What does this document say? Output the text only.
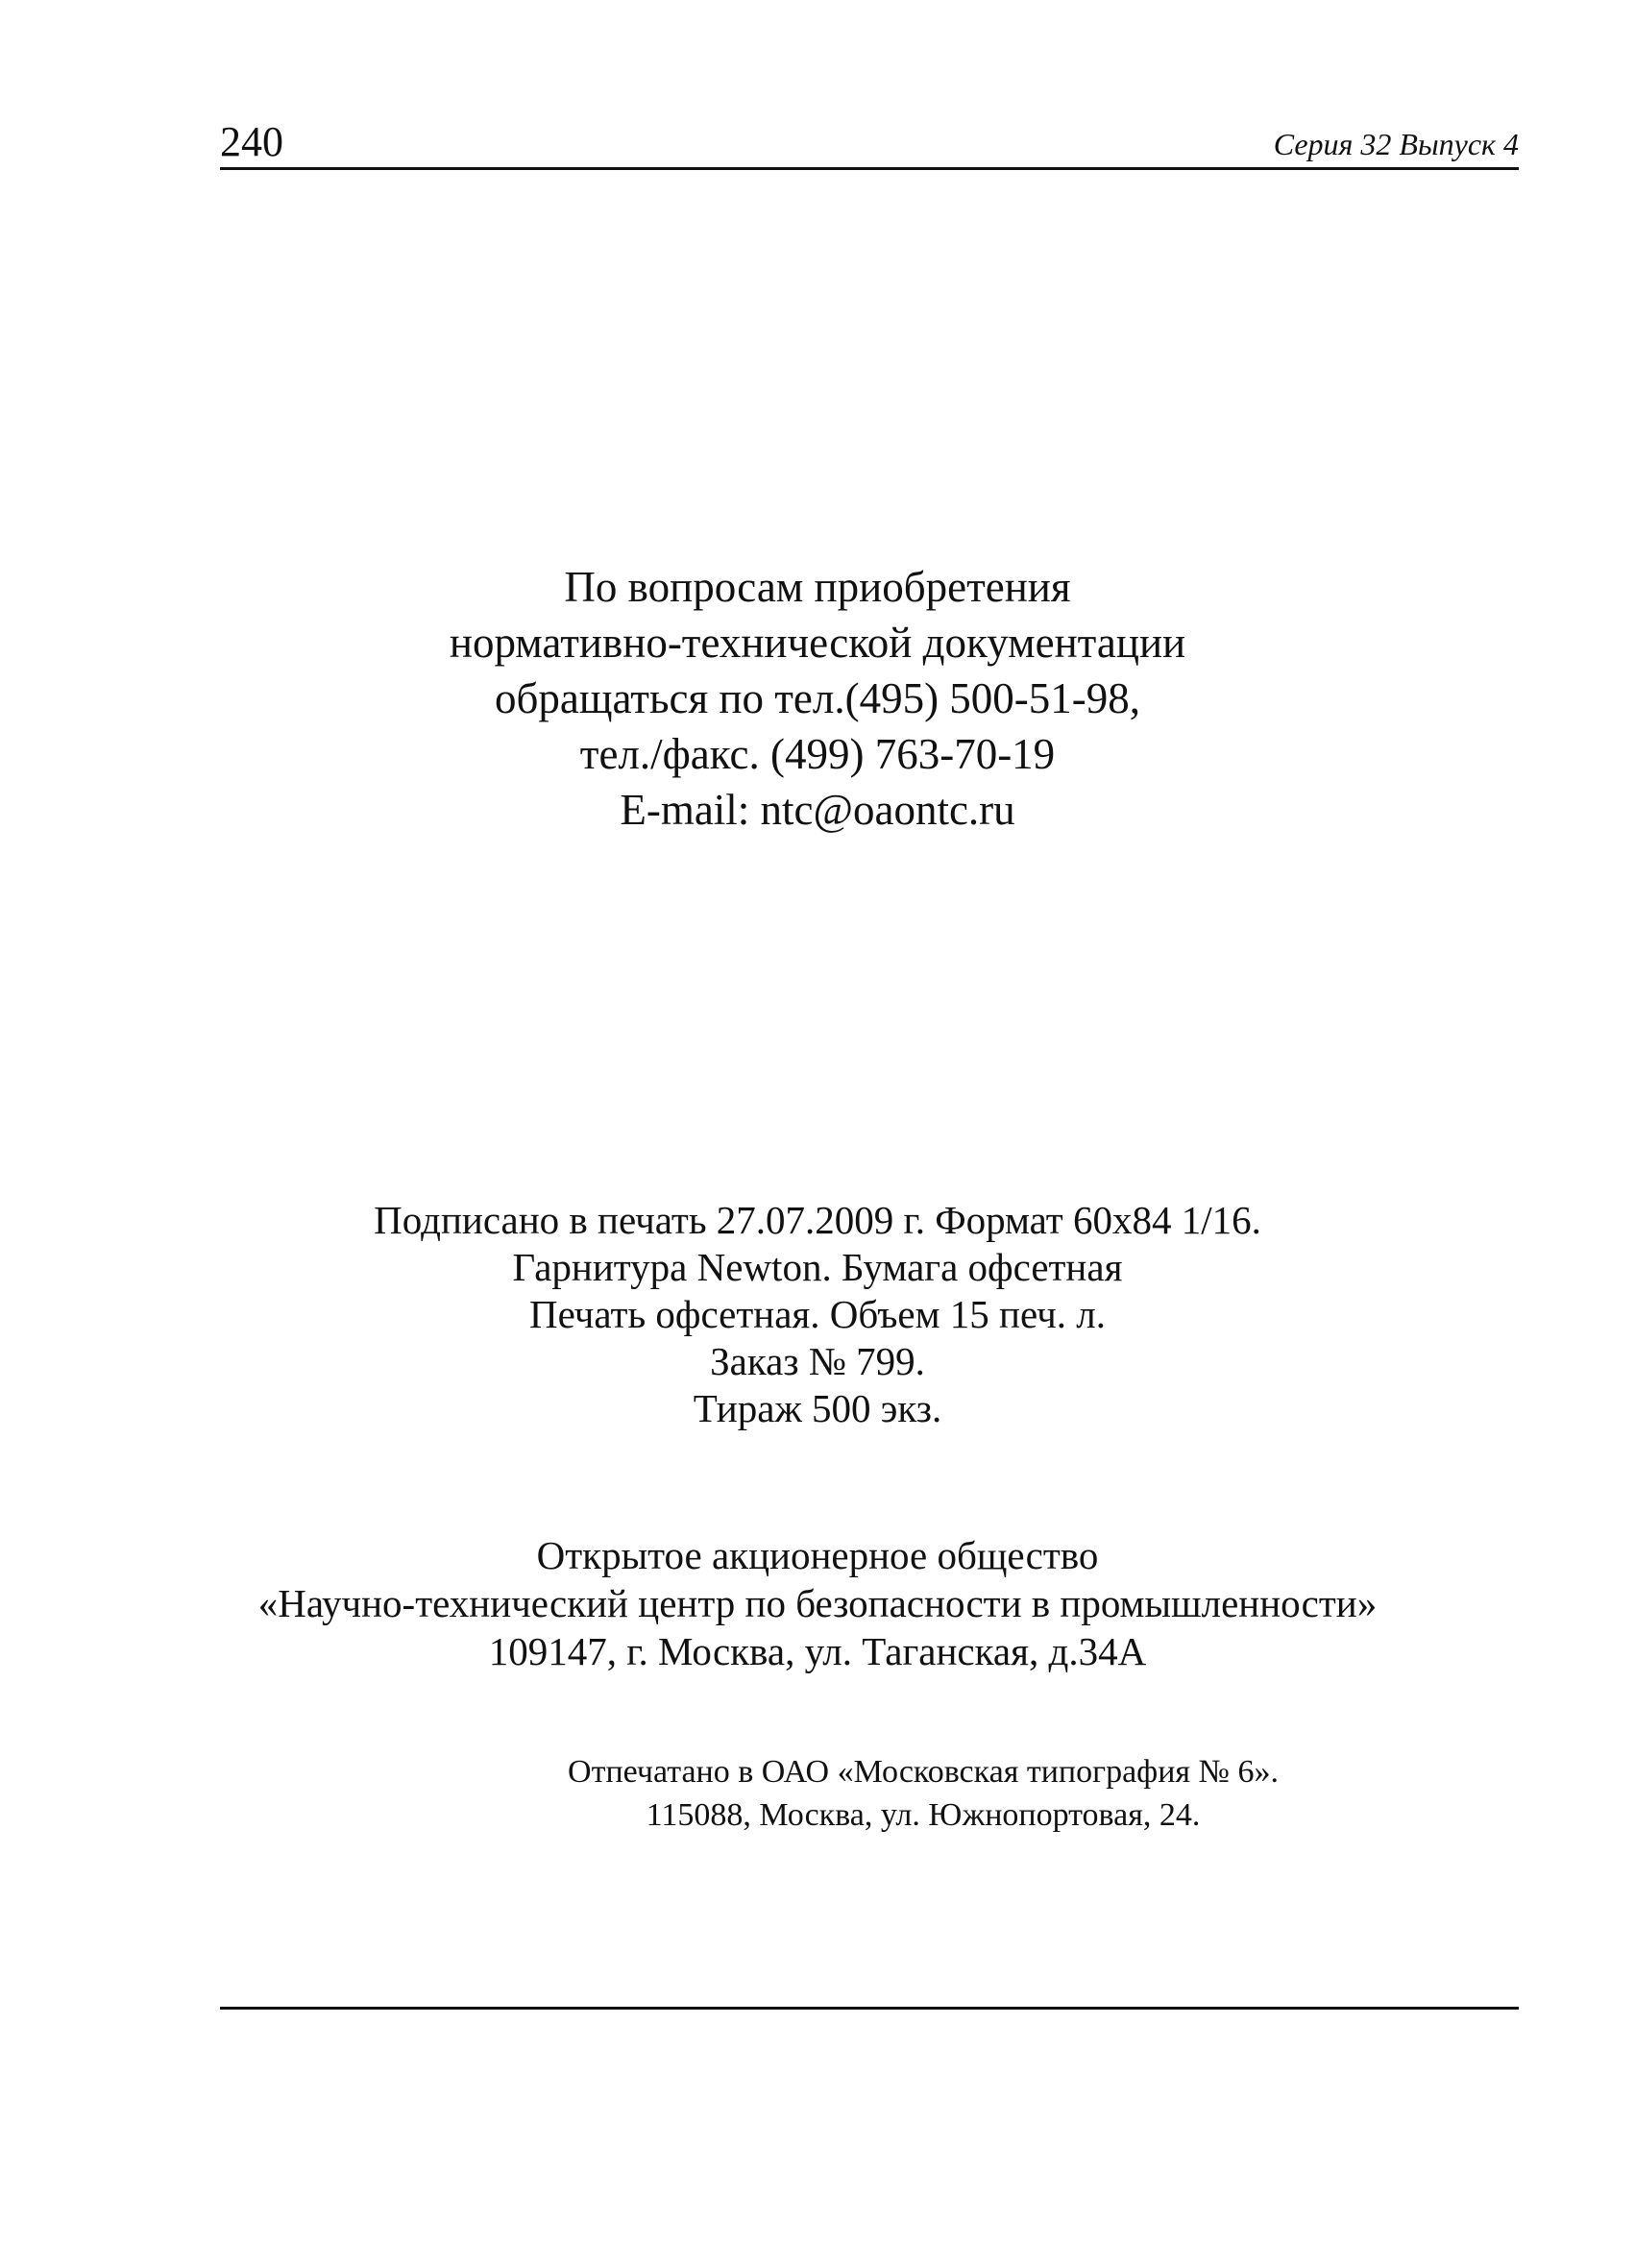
240	Серия 32 Выпуск 4
По вопросам приобретения
нормативно-технической документации
обращаться по тел.(495) 500-51-98,
тел./факс. (499) 763-70-19
E-mail: ntc@oaontc.ru
Подписано в печать 27.07.2009 г. Формат 60х84 1/16.
Гарнитура Newton. Бумага офсетная
Печать офсетная. Объем 15 печ. л.
Заказ № 799.
Тираж 500 экз.
Открытое акционерное общество
«Научно-технический центр по безопасности в промышленности»
109147, г. Москва, ул. Таганская, д.34А
Отпечатано в ОАО «Московская типография № 6».
115088, Москва, ул. Южнопортовая, 24.
